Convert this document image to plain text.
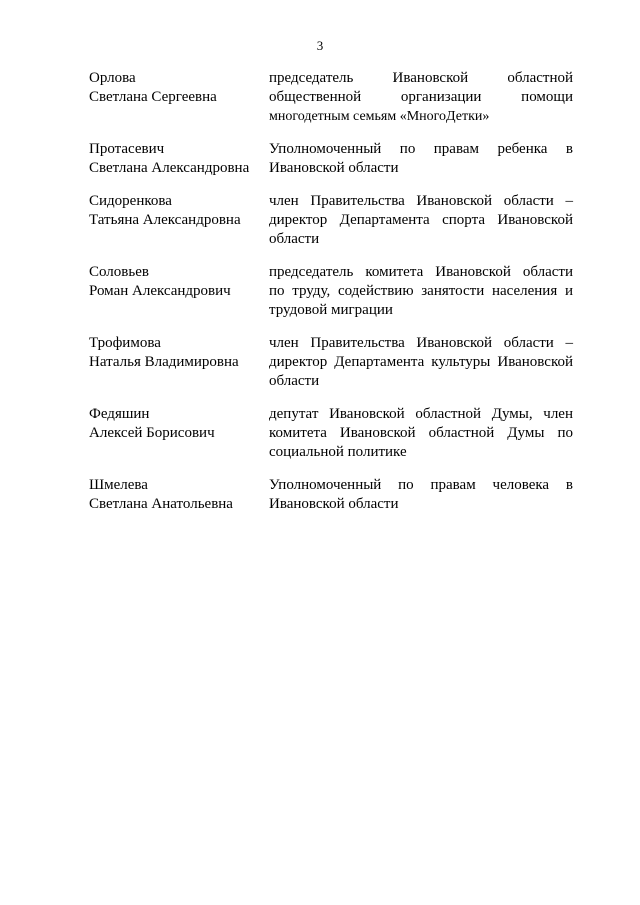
3
Орлова
Светлана Сергеевна
председатель Ивановской областной
общественной организации помощи
многодетным семьям «МногоДетки»
Протасевич
Светлана Александровна
Уполномоченный по правам ребенка в
Ивановской области
Сидоренкова
Татьяна Александровна
член Правительства Ивановской области –
директор Департамента спорта Ивановской
области
Соловьев
Роман Александрович
председатель комитета Ивановской области
по труду, содействию занятости населения и
трудовой миграции
Трофимова
Наталья Владимировна
член Правительства Ивановской области –
директор Департамента культуры Ивановской
области
Федяшин
Алексей Борисович
депутат Ивановской областной Думы, член
комитета Ивановской областной Думы по
социальной политике
Шмелева
Светлана Анатольевна
Уполномоченный по правам человека в
Ивановской области
